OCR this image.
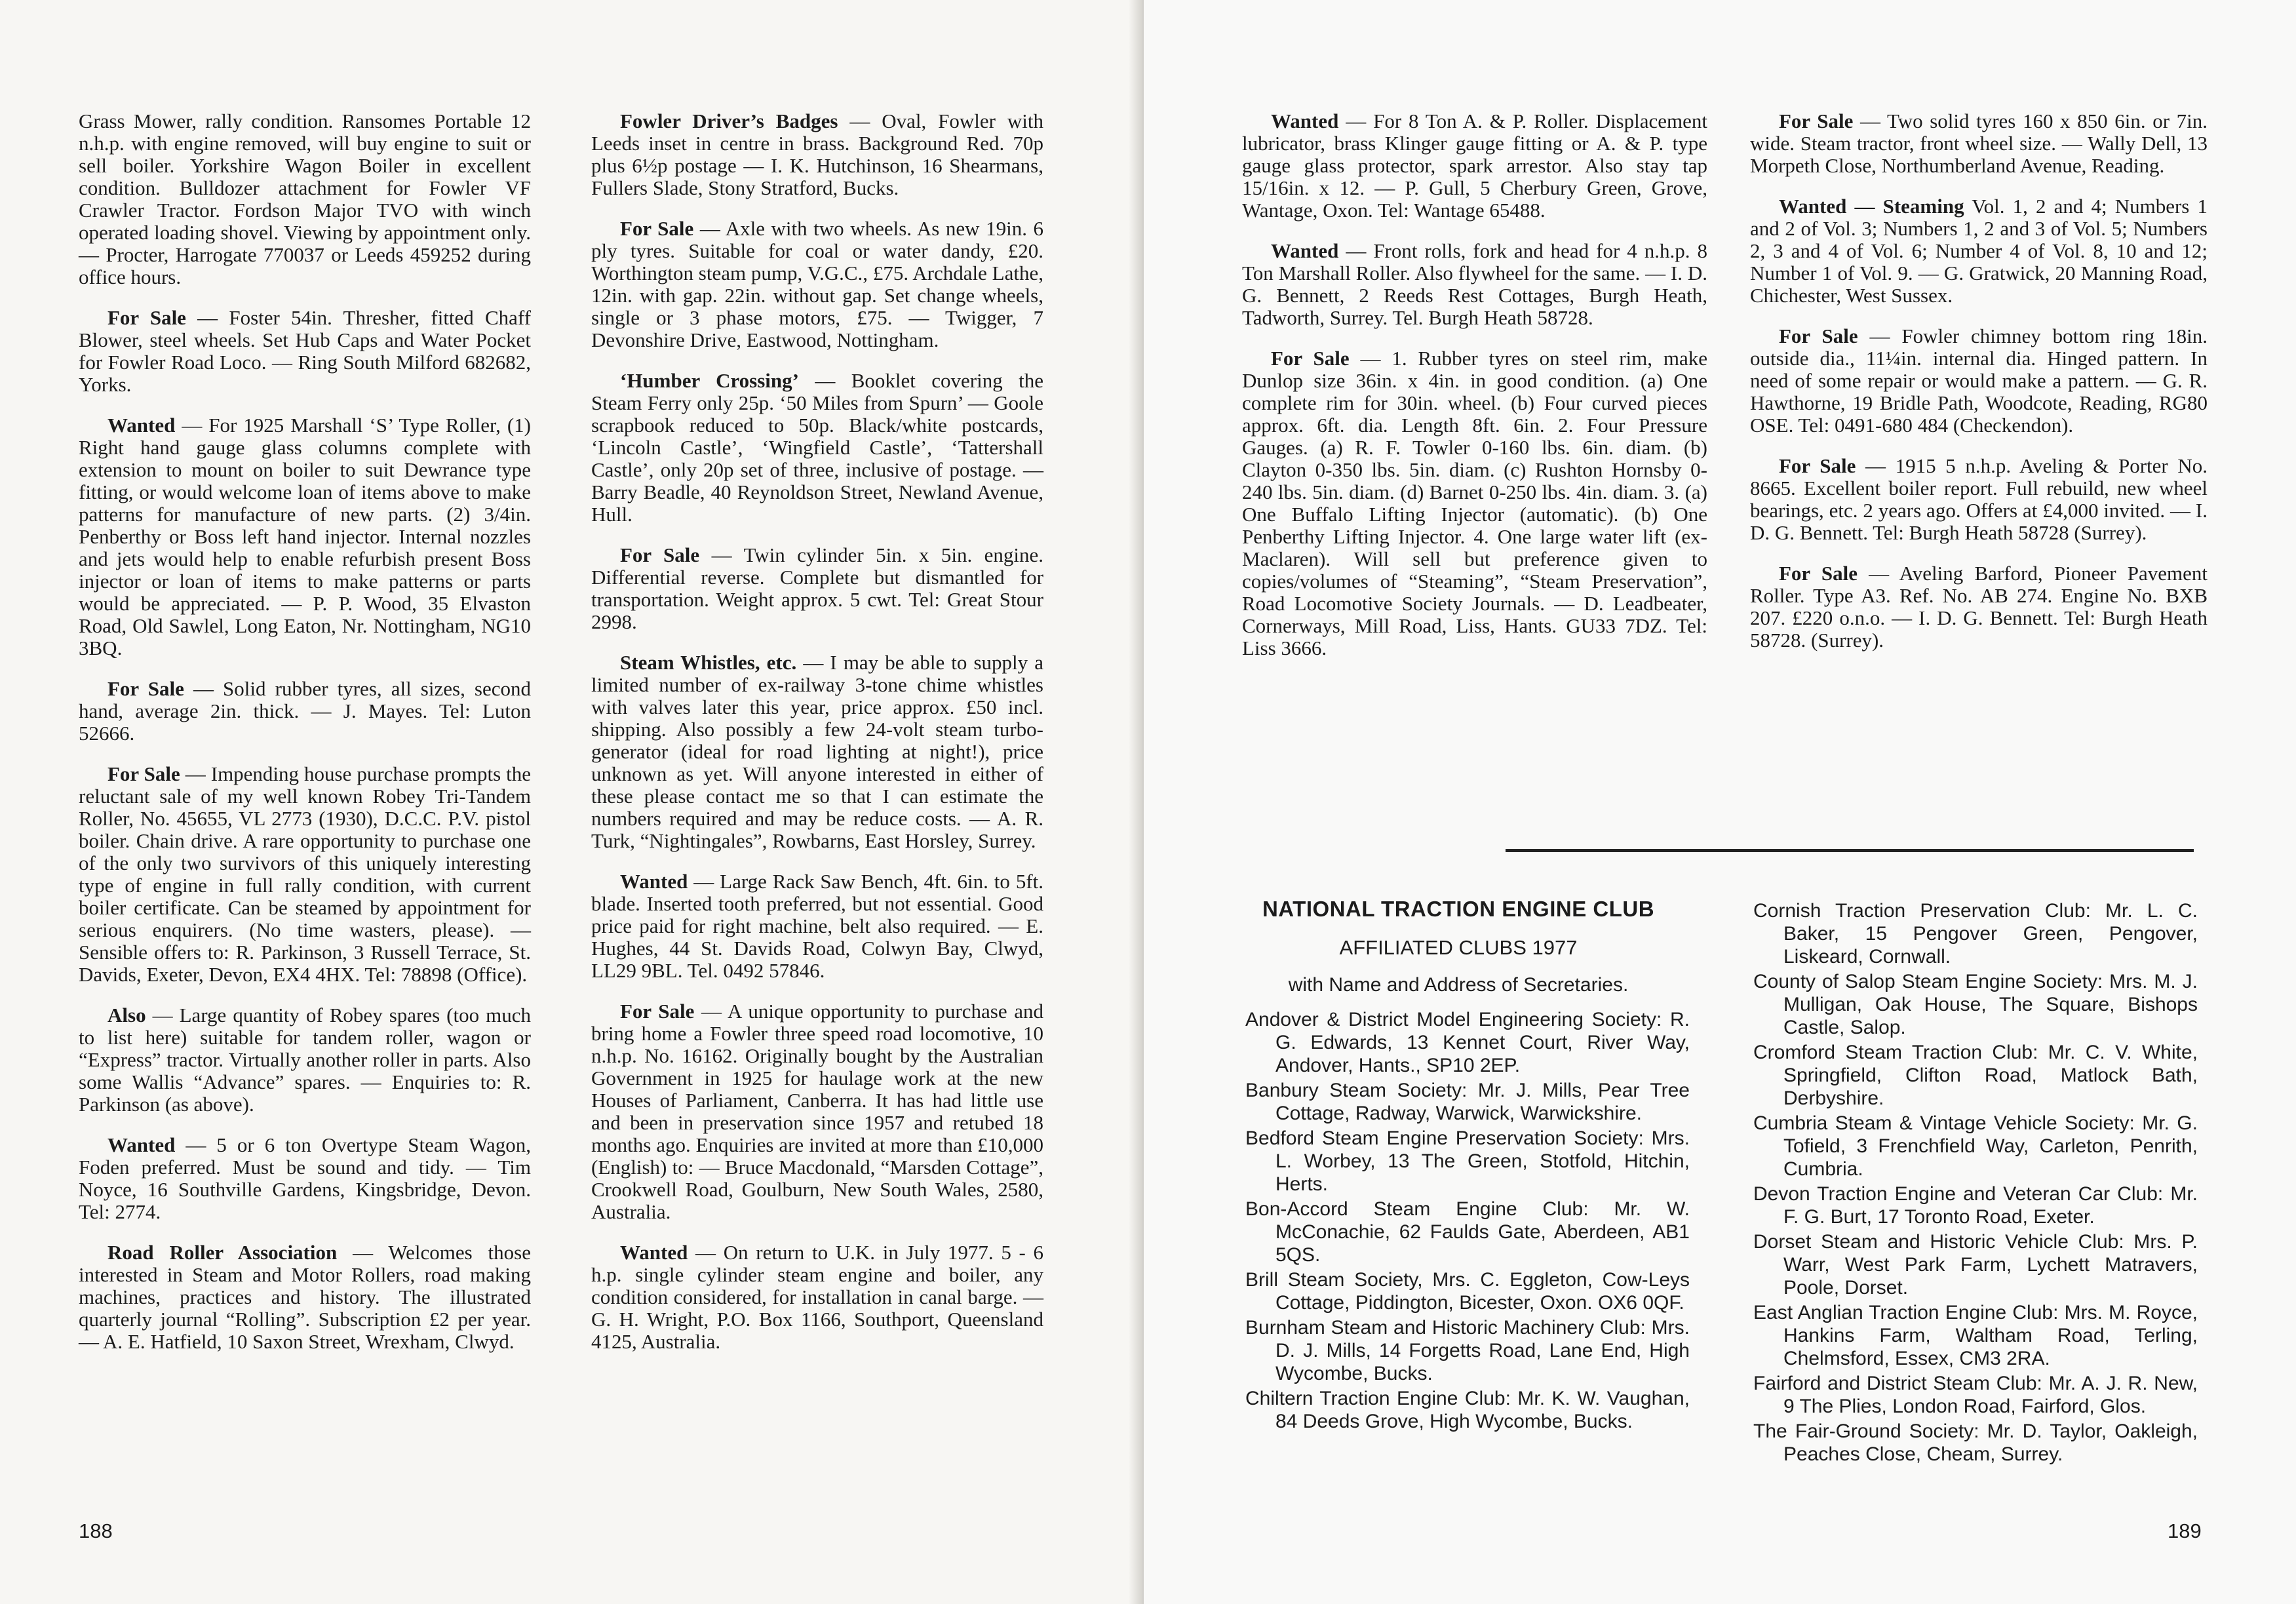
Grass Mower, rally condition. Ransomes Portable 12 n.h.p. with engine removed, will buy engine to suit or sell boiler. Yorkshire Wagon Boiler in excellent condition. Bulldozer attachment for Fowler VF Crawler Tractor. Fordson Major TVO with winch operated loading shovel. Viewing by appointment only. — Procter, Harrogate 770037 or Leeds 459252 during office hours.

For Sale — Foster 54in. Thresher, fitted Chaff Blower, steel wheels. Set Hub Caps and Water Pocket for Fowler Road Loco. — Ring South Milford 682682, Yorks.

Wanted — For 1925 Marshall ‘S’ Type Roller, (1) Right hand gauge glass columns complete with extension to mount on boiler to suit Dewrance type fitting, or would welcome loan of items above to make patterns for manufacture of new parts. (2) 3/4in. Penberthy or Boss left hand injector. Internal nozzles and jets would help to enable refurbish present Boss injector or loan of items to make patterns or parts would be appreciated. — P. P. Wood, 35 Elvaston Road, Old Sawlel, Long Eaton, Nr. Nottingham, NG10 3BQ.

For Sale — Solid rubber tyres, all sizes, second hand, average 2in. thick. — J. Mayes. Tel: Luton 52666.

For Sale — Impending house purchase prompts the reluctant sale of my well known Robey Tri-Tandem Roller, No. 45655, VL 2773 (1930), D.C.C. P.V. pistol boiler. Chain drive. A rare opportunity to purchase one of the only two survivors of this uniquely interesting type of engine in full rally condition, with current boiler certificate. Can be steamed by appointment for serious enquirers. (No time wasters, please). — Sensible offers to: R. Parkinson, 3 Russell Terrace, St. Davids, Exeter, Devon, EX4 4HX. Tel: 78898 (Office).

Also — Large quantity of Robey spares (too much to list here) suitable for tandem roller, wagon or “Express” tractor. Virtually another roller in parts. Also some Wallis “Advance” spares. — Enquiries to: R. Parkinson (as above).

Wanted — 5 or 6 ton Overtype Steam Wagon, Foden preferred. Must be sound and tidy. — Tim Noyce, 16 Southville Gardens, Kingsbridge, Devon. Tel: 2774.

Road Roller Association — Welcomes those interested in Steam and Motor Rollers, road making machines, practices and history. The illustrated quarterly journal “Rolling”. Subscription £2 per year. — A. E. Hatfield, 10 Saxon Street, Wrexham, Clwyd.

Fowler Driver’s Badges — Oval, Fowler with Leeds inset in centre in brass. Background Red. 70p plus 6½p postage — I. K. Hutchinson, 16 Shearmans, Fullers Slade, Stony Stratford, Bucks.

For Sale — Axle with two wheels. As new 19in. 6 ply tyres. Suitable for coal or water dandy, £20. Worthington steam pump, V.G.C., £75. Archdale Lathe, 12in. with gap. 22in. without gap. Set change wheels, single or 3 phase motors, £75. — Twigger, 7 Devonshire Drive, Eastwood, Nottingham.

‘Humber Crossing’ — Booklet covering the Steam Ferry only 25p. ‘50 Miles from Spurn’ — Goole scrapbook reduced to 50p. Black/white postcards, ‘Lincoln Castle’, ‘Wingfield Castle’, ‘Tattershall Castle’, only 20p set of three, inclusive of postage. — Barry Beadle, 40 Reynoldson Street, Newland Avenue, Hull.

For Sale — Twin cylinder 5in. x 5in. engine. Differential reverse. Complete but dismantled for transportation. Weight approx. 5 cwt. Tel: Great Stour 2998.

Steam Whistles, etc. — I may be able to supply a limited number of ex-railway 3-tone chime whistles with valves later this year, price approx. £50 incl. shipping. Also possibly a few 24-volt steam turbo-generator (ideal for road lighting at night!), price unknown as yet. Will anyone interested in either of these please contact me so that I can estimate the numbers required and may be reduce costs. — A. R. Turk, “Nightingales”, Rowbarns, East Horsley, Surrey.

Wanted — Large Rack Saw Bench, 4ft. 6in. to 5ft. blade. Inserted tooth preferred, but not essential. Good price paid for right machine, belt also required. — E. Hughes, 44 St. Davids Road, Colwyn Bay, Clwyd, LL29 9BL. Tel. 0492 57846.

For Sale — A unique opportunity to purchase and bring home a Fowler three speed road locomotive, 10 n.h.p. No. 16162. Originally bought by the Australian Government in 1925 for haulage work at the new Houses of Parliament, Canberra. It has had little use and been in preservation since 1957 and retubed 18 months ago. Enquiries are invited at more than £10,000 (English) to: — Bruce Macdonald, “Marsden Cottage”, Crookwell Road, Goulburn, New South Wales, 2580, Australia.

Wanted — On return to U.K. in July 1977. 5 - 6 h.p. single cylinder steam engine and boiler, any condition considered, for installation in canal barge. — G. H. Wright, P.O. Box 1166, Southport, Queensland 4125, Australia.

188

Wanted — For 8 Ton A. & P. Roller. Displacement lubricator, brass Klinger gauge fitting or A. & P. type gauge glass protector, spark arrestor. Also stay tap 15/16in. x 12. — P. Gull, 5 Cherbury Green, Grove, Wantage, Oxon. Tel: Wantage 65488.

Wanted — Front rolls, fork and head for 4 n.h.p. 8 Ton Marshall Roller. Also flywheel for the same. — I. D. G. Bennett, 2 Reeds Rest Cottages, Burgh Heath, Tadworth, Surrey. Tel. Burgh Heath 58728.

For Sale — 1. Rubber tyres on steel rim, make Dunlop size 36in. x 4in. in good condition. (a) One complete rim for 30in. wheel. (b) Four curved pieces approx. 6ft. dia. Length 8ft. 6in. 2. Four Pressure Gauges. (a) R. F. Towler 0-160 lbs. 6in. diam. (b) Clayton 0-350 lbs. 5in. diam. (c) Rushton Hornsby 0-240 lbs. 5in. diam. (d) Barnet 0-250 lbs. 4in. diam. 3. (a) One Buffalo Lifting Injector (automatic). (b) One Penberthy Lifting Injector. 4. One large water lift (ex-Maclaren). Will sell but preference given to copies/volumes of “Steaming”, “Steam Preservation”, Road Locomotive Society Journals. — D. Leadbeater, Cornerways, Mill Road, Liss, Hants. GU33 7DZ. Tel: Liss 3666.

For Sale — Two solid tyres 160 x 850 6in. or 7in. wide. Steam tractor, front wheel size. — Wally Dell, 13 Morpeth Close, Northumberland Avenue, Reading.

Wanted — Steaming Vol. 1, 2 and 4; Numbers 1 and 2 of Vol. 3; Numbers 1, 2 and 3 of Vol. 5; Numbers 2, 3 and 4 of Vol. 6; Number 4 of Vol. 8, 10 and 12; Number 1 of Vol. 9. — G. Gratwick, 20 Manning Road, Chichester, West Sussex.

For Sale — Fowler chimney bottom ring 18in. outside dia., 11¼in. internal dia. Hinged pattern. In need of some repair or would make a pattern. — G. R. Hawthorne, 19 Bridle Path, Woodcote, Reading, RG80 OSE. Tel: 0491-680 484 (Checkendon).

For Sale — 1915 5 n.h.p. Aveling & Porter No. 8665. Excellent boiler report. Full rebuild, new wheel bearings, etc. 2 years ago. Offers at £4,000 invited. — I. D. G. Bennett. Tel: Burgh Heath 58728 (Surrey).

For Sale — Aveling Barford, Pioneer Pavement Roller. Type A3. Ref. No. AB 274. Engine No. BXB 207. £220 o.n.o. — I. D. G. Bennett. Tel: Burgh Heath 58728. (Surrey).

NATIONAL TRACTION ENGINE CLUB
AFFILIATED CLUBS 1977
with Name and Address of Secretaries.
Andover & District Model Engineering Society: R. G. Edwards, 13 Kennet Court, River Way, Andover, Hants., SP10 2EP.
Banbury Steam Society: Mr. J. Mills, Pear Tree Cottage, Radway, Warwick, Warwickshire.
Bedford Steam Engine Preservation Society: Mrs. L. Worbey, 13 The Green, Stotfold, Hitchin, Herts.
Bon-Accord Steam Engine Club: Mr. W. McConachie, 62 Faulds Gate, Aberdeen, AB1 5QS.
Brill Steam Society, Mrs. C. Eggleton, Cow-Leys Cottage, Piddington, Bicester, Oxon. OX6 0QF.
Burnham Steam and Historic Machinery Club: Mrs. D. J. Mills, 14 Forgetts Road, Lane End, High Wycombe, Bucks.
Chiltern Traction Engine Club: Mr. K. W. Vaughan, 84 Deeds Grove, High Wycombe, Bucks.
Cornish Traction Preservation Club: Mr. L. C. Baker, 15 Pengover Green, Pengover, Liskeard, Cornwall.
County of Salop Steam Engine Society: Mrs. M. J. Mulligan, Oak House, The Square, Bishops Castle, Salop.
Cromford Steam Traction Club: Mr. C. V. White, Springfield, Clifton Road, Matlock Bath, Derbyshire.
Cumbria Steam & Vintage Vehicle Society: Mr. G. Tofield, 3 Frenchfield Way, Carleton, Penrith, Cumbria.
Devon Traction Engine and Veteran Car Club: Mr. F. G. Burt, 17 Toronto Road, Exeter.
Dorset Steam and Historic Vehicle Club: Mrs. P. Warr, West Park Farm, Lychett Matravers, Poole, Dorset.
East Anglian Traction Engine Club: Mrs. M. Royce, Hankins Farm, Waltham Road, Terling, Chelmsford, Essex, CM3 2RA.
Fairford and District Steam Club: Mr. A. J. R. New, 9 The Plies, London Road, Fairford, Glos.
The Fair-Ground Society: Mr. D. Taylor, Oakleigh, Peaches Close, Cheam, Surrey.
189
